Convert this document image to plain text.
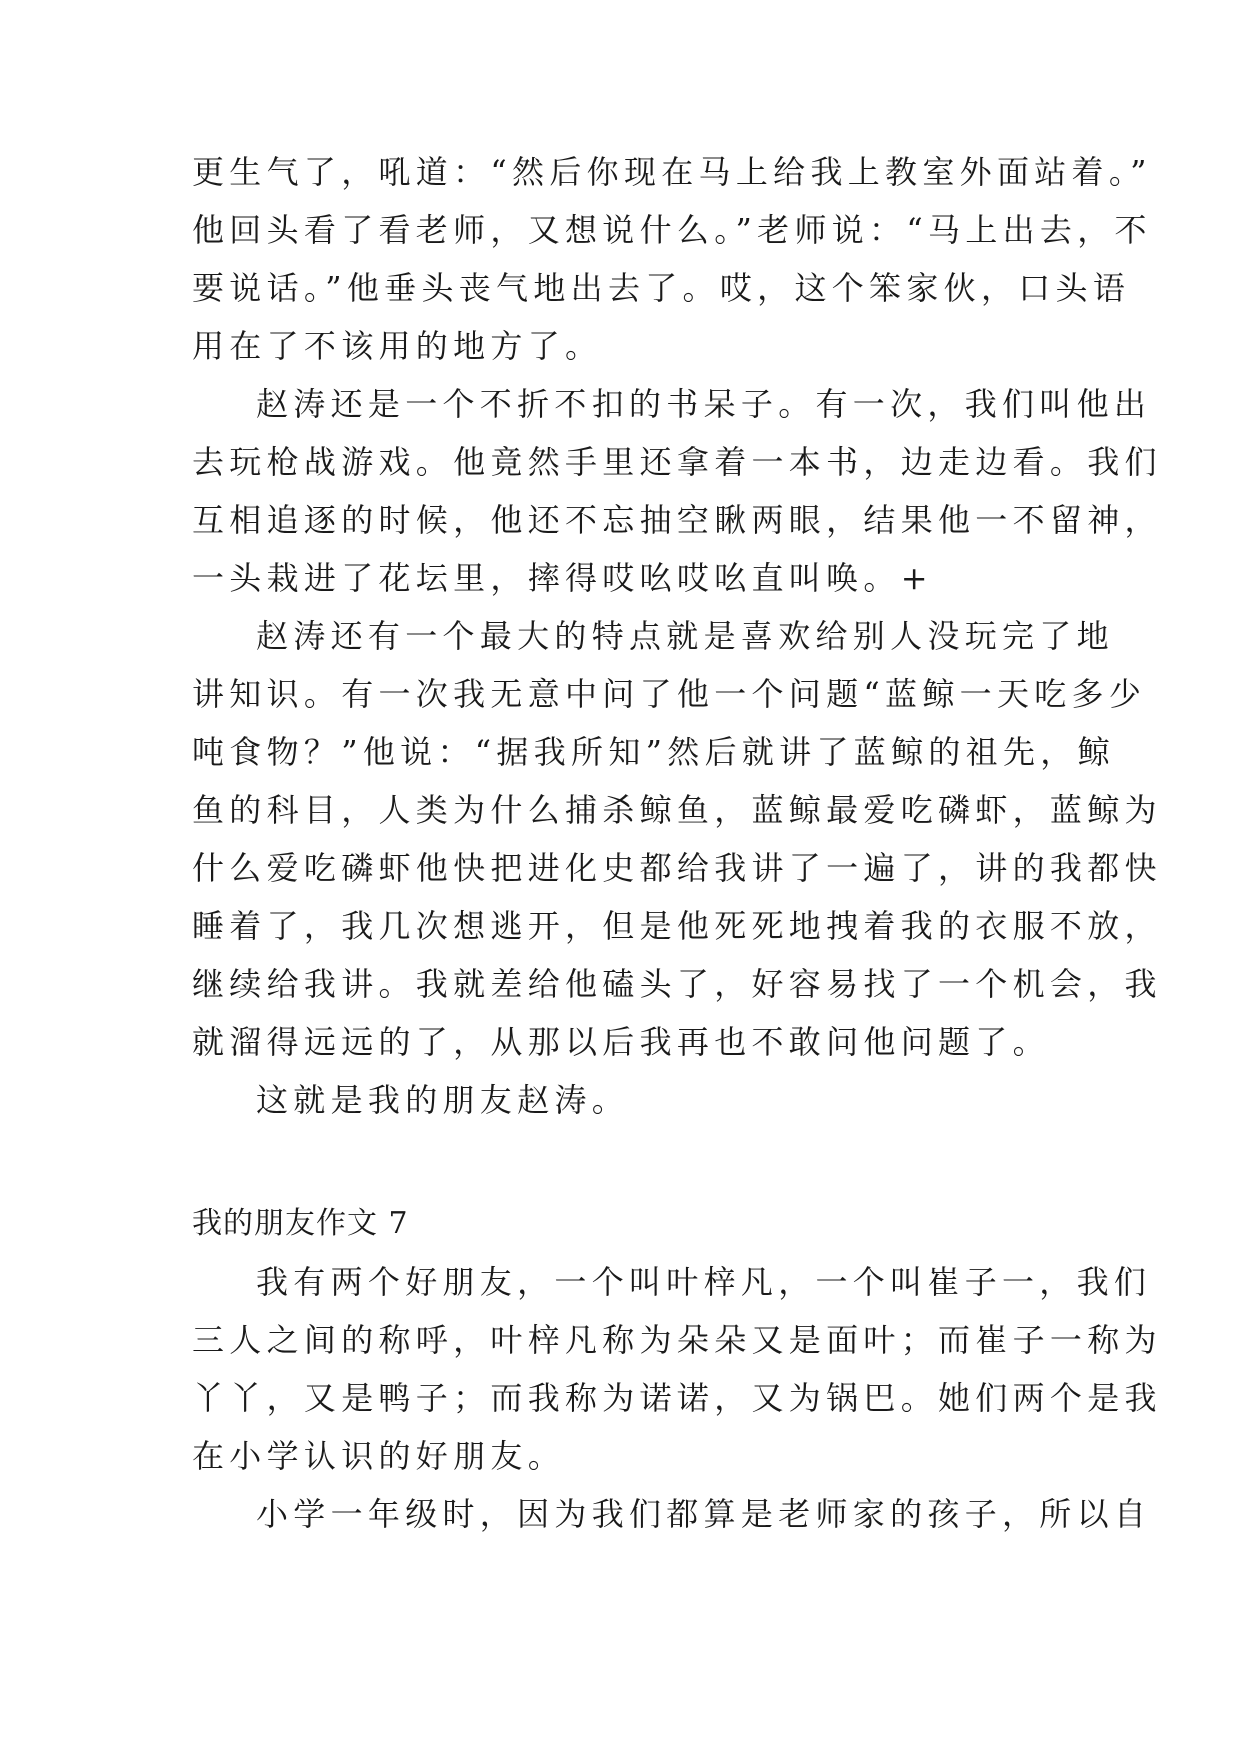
更生气了，吼道：“然后你现在马上给我上教室外面站着。”
他回头看了看老师，又想说什么。”老师说：“马上出去，不
要说话。”他垂头丧气地出去了。哎，这个笨家伙，口头语
用在了不该用的地方了。
赵涛还是一个不折不扣的书呆子。有一次，我们叫他出
去玩枪战游戏。他竟然手里还拿着一本书，边走边看。我们
互相追逐的时候，他还不忘抽空瞅两眼，结果他一不留神，
一头栽进了花坛里，摔得哎吆哎吆直叫唤。+
赵涛还有一个最大的特点就是喜欢给别人没玩完了地
讲知识。有一次我无意中问了他一个问题“蓝鲸一天吃多少
吨食物？”他说：“据我所知”然后就讲了蓝鲸的祖先，鲸
鱼的科目，人类为什么捕杀鲸鱼，蓝鲸最爱吃磷虾，蓝鲸为
什么爱吃磷虾他快把进化史都给我讲了一遍了，讲的我都快
睡着了，我几次想逃开，但是他死死地拽着我的衣服不放，
继续给我讲。我就差给他磕头了，好容易找了一个机会，我
就溜得远远的了，从那以后我再也不敢问他问题了。
这就是我的朋友赵涛。
我的朋友作文 7
我有两个好朋友，一个叫叶梓凡，一个叫崔子一，我们
三人之间的称呼，叶梓凡称为朵朵又是面叶；而崔子一称为
丫丫，又是鸭子；而我称为诺诺，又为锅巴。她们两个是我
在小学认识的好朋友。
小学一年级时，因为我们都算是老师家的孩子，所以自
